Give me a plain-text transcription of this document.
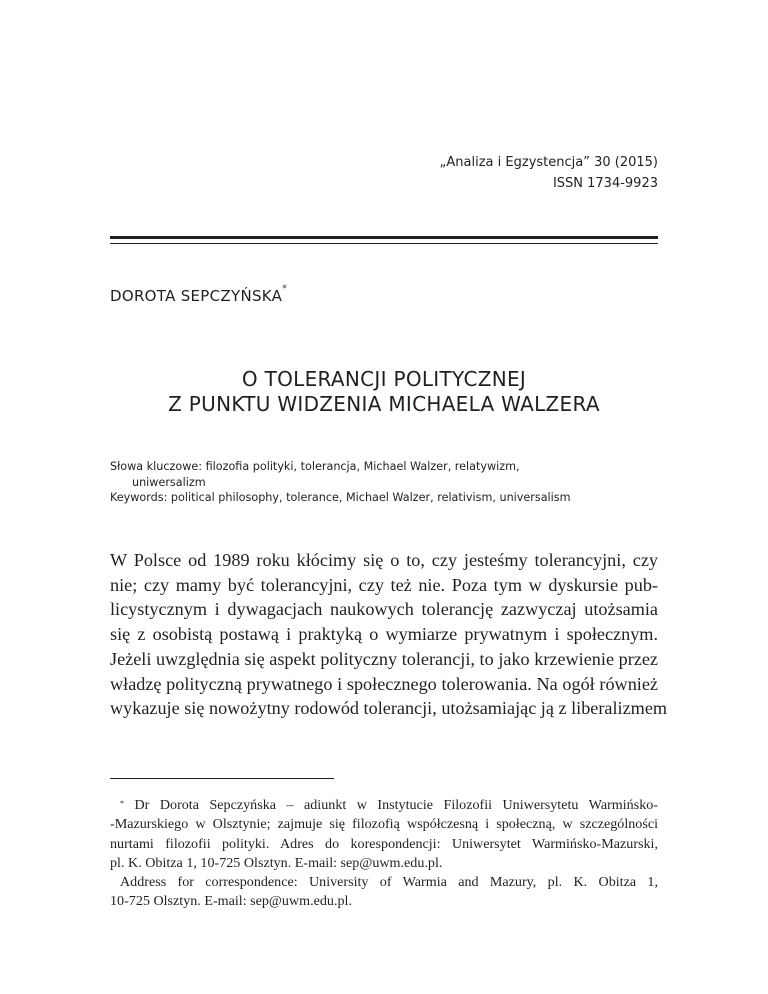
„Analiza i Egzystencja” 30 (2015)
ISSN 1734-9923
DOROTA SEPCZYŃSKA*
O TOLERANCJI POLITYCZNEJ
Z PUNKTU WIDZENIA MICHAELA WALZERA
Słowa kluczowe: filozofia polityki, tolerancja, Michael Walzer, relatywizm,
uniwersalizm
Keywords: political philosophy, tolerance, Michael Walzer, relativism, universalism
W Polsce od 1989 roku kłócimy się o to, czy jesteśmy tolerancyjni, czy
nie; czy mamy być tolerancyjni, czy też nie. Poza tym w dyskursie pub-
licystycznym i dywagacjach naukowych tolerancję zazwyczaj utożsamia
się z osobistą postawą i praktyką o wymiarze prywatnym i społecznym.
Jeżeli uwzględnia się aspekt polityczny tolerancji, to jako krzewienie przez
władzę polityczną prywatnego i społecznego tolerowania. Na ogół również
wykazuje się nowożytny rodowód tolerancji, utożsamiając ją z liberalizmem
* Dr Dorota Sepczyńska – adiunkt w Instytucie Filozofii Uniwersytetu Warmińsko-
-Mazurskiego w Olsztynie; zajmuje się filozofią współczesną i społeczną, w szczególności
nurtami filozofii polityki. Adres do korespondencji: Uniwersytet Warmińsko-Mazurski,
pl. K. Obitza 1, 10-725 Olsztyn. E-mail: sep@uwm.edu.pl.
Address for correspondence: University of Warmia and Mazury, pl. K. Obitza 1,
10-725 Olsztyn. E-mail: sep@uwm.edu.pl.
